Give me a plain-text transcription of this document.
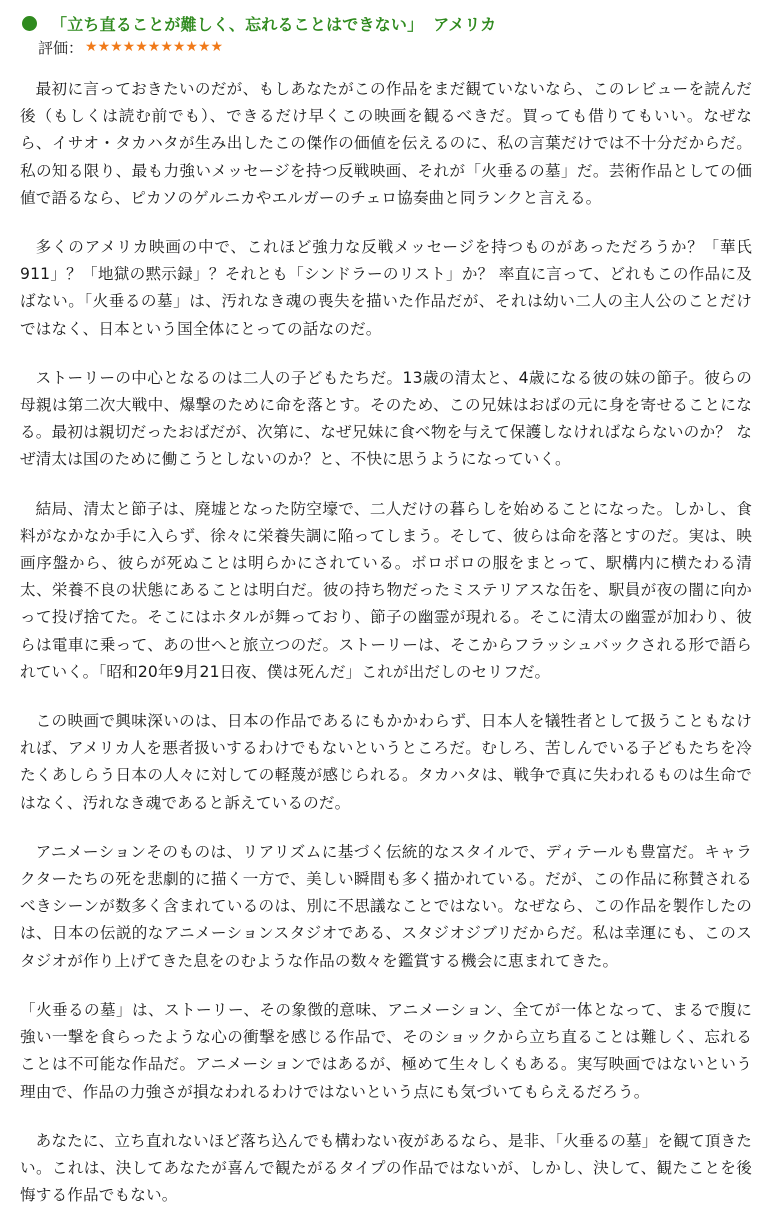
「立ち直ることが難しく、忘れることはできない」 アメリカ
評価： ★★★★★★★★★★★

最初に言っておきたいのだが、もしあなたがこの作品をまだ観ていないなら、このレビューを読んだ後（もしくは読む前でも）、できるだけ早くこの映画を観るべきだ。買っても借りてもいい。なぜなら、イサオ・タカハタが生み出したこの傑作の価値を伝えるのに、私の言葉だけでは不十分だからだ。私の知る限り、最も力強いメッセージを持つ反戦映画、それが「火垂るの墓」だ。芸術作品としての価値で語るなら、ピカソのゲルニカやエルガーのチェロ協奏曲と同ランクと言える。

多くのアメリカ映画の中で、これほど強力な反戦メッセージを持つものがあっただろうか？「華氏911」？「地獄の黙示録」？それとも「シンドラーのリスト」か？ 率直に言って、どれもこの作品に及ばない。「火垂るの墓」は、汚れなき魂の喪失を描いた作品だが、それは幼い二人の主人公のことだけではなく、日本という国全体にとっての話なのだ。

ストーリーの中心となるのは二人の子どもたちだ。13歳の清太と、4歳になる彼の妹の節子。彼らの母親は第二次大戦中、爆撃のために命を落とす。そのため、この兄妹はおばの元に身を寄せることになる。最初は親切だったおばだが、次第に、なぜ兄妹に食べ物を与えて保護しなければならないのか？ なぜ清太は国のために働こうとしないのか？と、不快に思うようになっていく。

結局、清太と節子は、廃墟となった防空壕で、二人だけの暮らしを始めることになった。しかし、食料がなかなか手に入らず、徐々に栄養失調に陥ってしまう。そして、彼らは命を落とすのだ。実は、映画序盤から、彼らが死ぬことは明らかにされている。ボロボロの服をまとって、駅構内に横たわる清太、栄養不良の状態にあることは明白だ。彼の持ち物だったミステリアスな缶を、駅員が夜の闇に向かって投げ捨てた。そこにはホタルが舞っており、節子の幽霊が現れる。そこに清太の幽霊が加わり、彼らは電車に乗って、あの世へと旅立つのだ。ストーリーは、そこからフラッシュバックされる形で語られていく。「昭和20年9月21日夜、僕は死んだ」これが出だしのセリフだ。

この映画で興味深いのは、日本の作品であるにもかかわらず、日本人を犠牲者として扱うこともなければ、アメリカ人を悪者扱いするわけでもないというところだ。むしろ、苦しんでいる子どもたちを冷たくあしらう日本の人々に対しての軽蔑が感じられる。タカハタは、戦争で真に失われるものは生命ではなく、汚れなき魂であると訴えているのだ。

アニメーションそのものは、リアリズムに基づく伝統的なスタイルで、ディテールも豊富だ。キャラクターたちの死を悲劇的に描く一方で、美しい瞬間も多く描かれている。だが、この作品に称賛されるべきシーンが数多く含まれているのは、別に不思議なことではない。なぜなら、この作品を製作したのは、日本の伝説的なアニメーションスタジオである、スタジオジブリだからだ。私は幸運にも、このスタジオが作り上げてきた息をのむような作品の数々を鑑賞する機会に恵まれてきた。

「火垂るの墓」は、ストーリー、その象徴的意味、アニメーション、全てが一体となって、まるで腹に強い一撃を食らったような心の衝撃を感じる作品で、そのショックから立ち直ることは難しく、忘れることは不可能な作品だ。アニメーションではあるが、極めて生々しくもある。実写映画ではないという理由で、作品の力強さが損なわれるわけではないという点にも気づいてもらえるだろう。

あなたに、立ち直れないほど落ち込んでも構わない夜があるなら、是非、「火垂るの墓」を観て頂きたい。これは、決してあなたが喜んで観たがるタイプの作品ではないが、しかし、決して、観たことを後悔する作品でもない。
